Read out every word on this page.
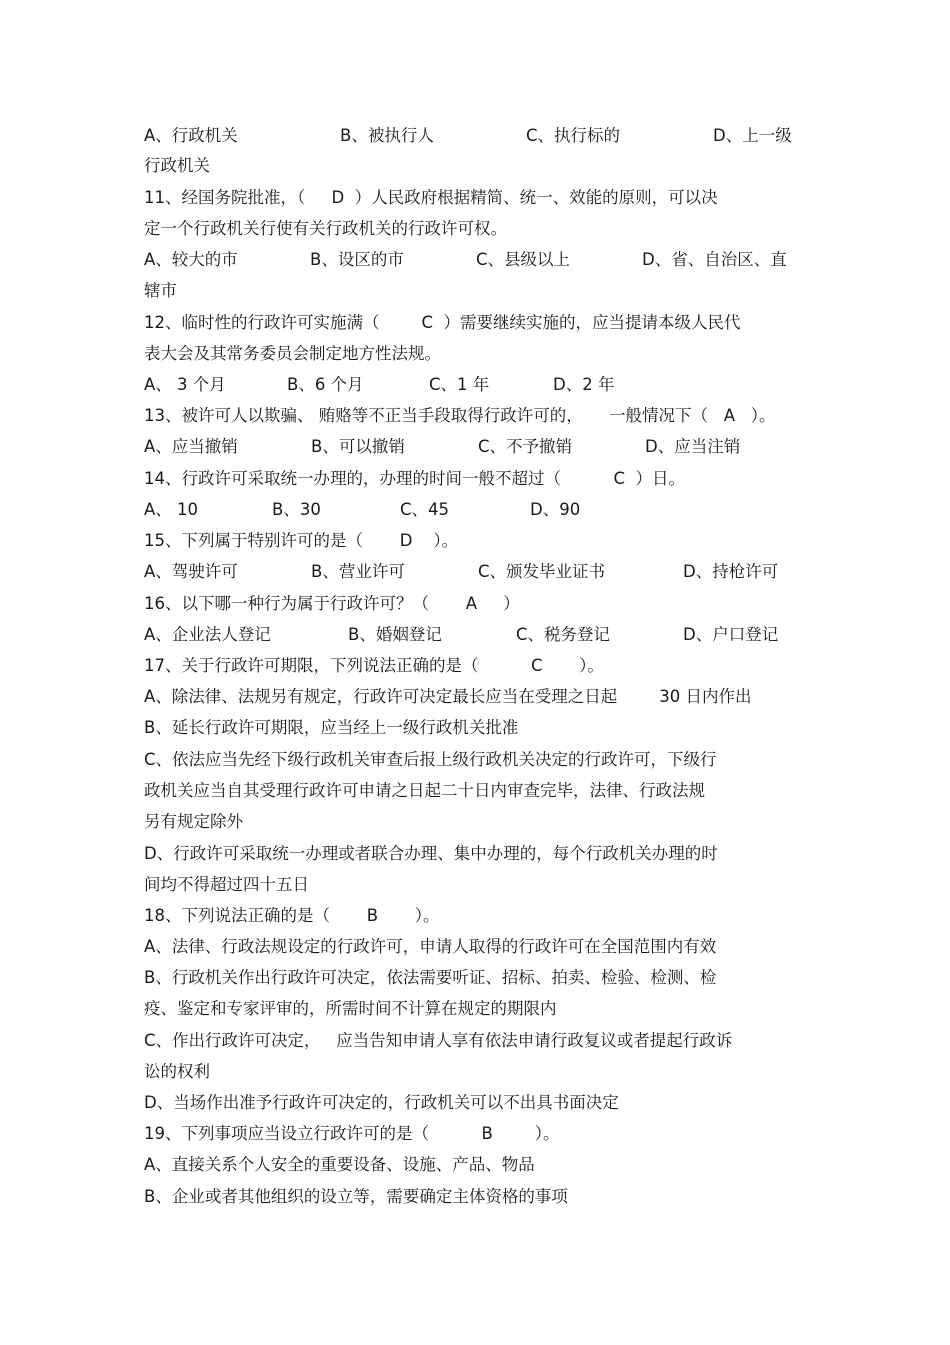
A、行政机关	B、被执行人	C、执行标的	D、上一级
行政机关
11、经国务院批准，（     D  ）人民政府根据精简、统一、效能的原则，可以决
定一个行政机关行使有关行政机关的行政许可权。
A、较大的市	B、设区的市	C、县级以上	D、省、自治区、直
辖市
12、临时性的行政许可实施满（        C  ）需要继续实施的，应当提请本级人民代
表大会及其常务委员会制定地方性法规。
A、 3 个月	B、6 个月	C、1 年	D、2 年
13、被许可人以欺骗、 贿赂等不正当手段取得行政许可的，     一般情况下（   A   ）。
A、应当撤销	B、可以撤销	C、不予撤销	D、应当注销
14、行政许可采取统一办理的，办理的时间一般不超过（          C  ）日。
A、 10	B、30	C、45	D、90
15、下列属于特别许可的是（       D    ）。
A、驾驶许可	B、营业许可	C、颁发毕业证书	D、持枪许可
16、以下哪一种行为属于行政许可？（       A     ）
A、企业法人登记	B、婚姻登记	C、税务登记	D、户口登记
17、关于行政许可期限，下列说法正确的是（          C       ）。
A、除法律、法规另有规定，行政许可决定最长应当在受理之日起        30 日内作出
B、延长行政许可期限，应当经上一级行政机关批准
C、依法应当先经下级行政机关审查后报上级行政机关决定的行政许可，下级行
政机关应当自其受理行政许可申请之日起二十日内审查完毕，法律、行政法规
另有规定除外
D、行政许可采取统一办理或者联合办理、集中办理的，每个行政机关办理的时
间均不得超过四十五日
18、下列说法正确的是（       B       ）。
A、法律、行政法规设定的行政许可，申请人取得的行政许可在全国范围内有效
B、行政机关作出行政许可决定，依法需要听证、招标、拍卖、检验、检测、检
疫、鉴定和专家评审的，所需时间不计算在规定的期限内
C、作出行政许可决定，   应当告知申请人享有依法申请行政复议或者提起行政诉
讼的权利
D、当场作出准予行政许可决定的，行政机关可以不出具书面决定
19、下列事项应当设立行政许可的是（          B        ）。
A、直接关系个人安全的重要设备、设施、产品、物品
B、企业或者其他组织的设立等，需要确定主体资格的事项
